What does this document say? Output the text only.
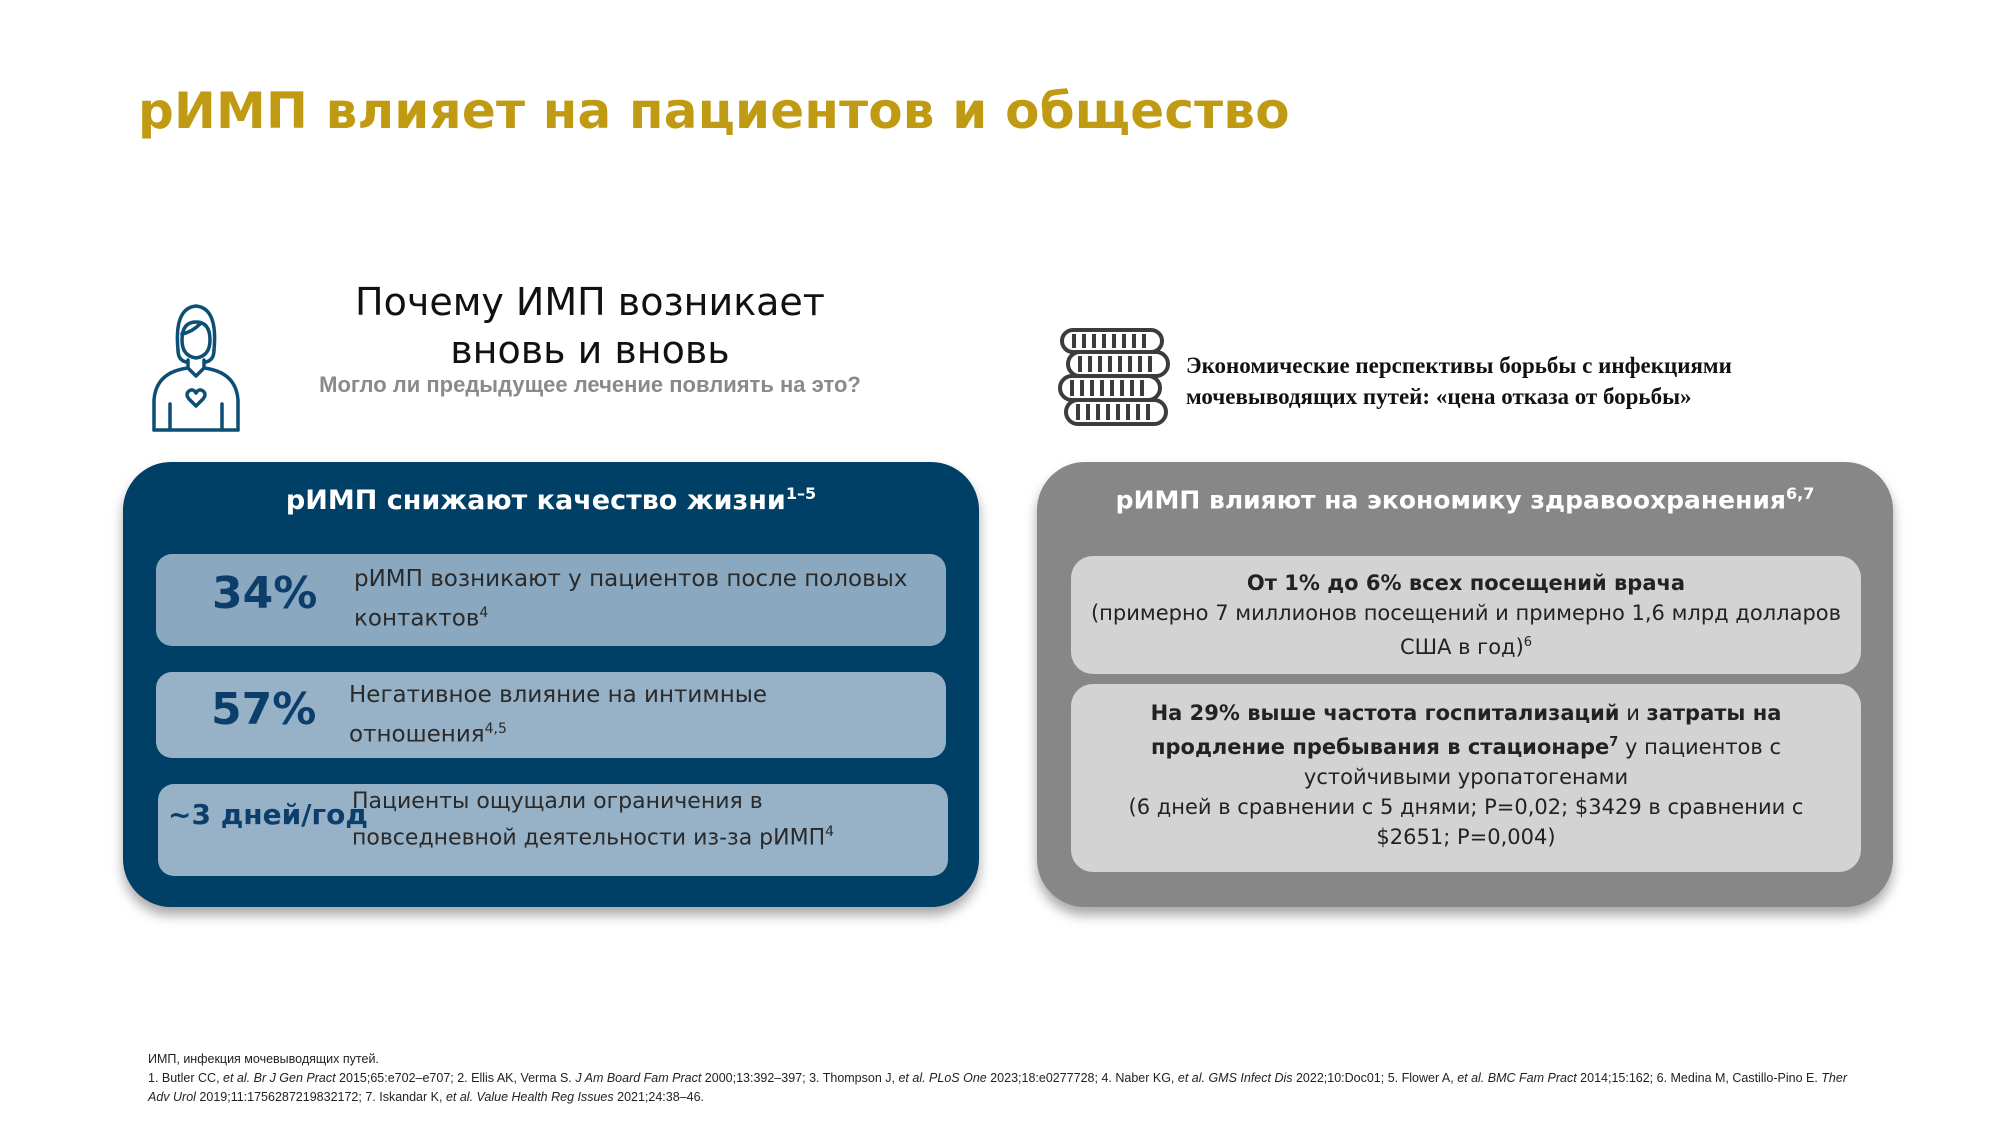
рИМП влияет на пациентов и общество
Почему ИМП возникает вновь и вновь
Могло ли предыдущее лечение повлиять на это?
Экономические перспективы борьбы с инфекциями мочевыводящих путей: «цена отказа от борьбы»
рИМП снижают качество жизни$^{1-5}$
34% рИМП возникают у пациентов после половых контактов$^4$
57% Негативное влияние на интимные отношения$^{4,5}$
~3 дней/год
Пациенты ощущали ограничения в повседневной деятельности из-за рИМП$^4$
рИМП влияют на экономику здравоохранения$^{6,7}$
От 1% до 6% всех посещений врача
(примерно 7 миллионов посещений и примерно 1,6 млрд долларов США в год)$^6$
На 29% выше частота госпитализаций и затраты на продление пребывания в стационаре$^7$ у пациентов с устойчивыми уропатогенами
(6 дней в сравнении с 5 днями; P=0,02; $3429 в сравнении с $2651; P=0,004)
ИМП, инфекция мочевыводящих путей.
1. Butler CC, et al. Br J Gen Pract 2015;65:e702–e707; 2. Ellis AK, Verma S. J Am Board Fam Pract 2000;13:392–397; 3. Thompson J, et al. PLoS One 2023;18:e0277728; 4. Naber KG, et al. GMS Infect Dis 2022;10:Doc01; 5. Flower A, et al. BMC Fam Pract 2014;15:162; 6. Medina M, Castillo-Pino E. Ther Adv Urol 2019;11:1756287219832172; 7. Iskandar K, et al. Value Health Reg Issues 2021;24:38–46.
